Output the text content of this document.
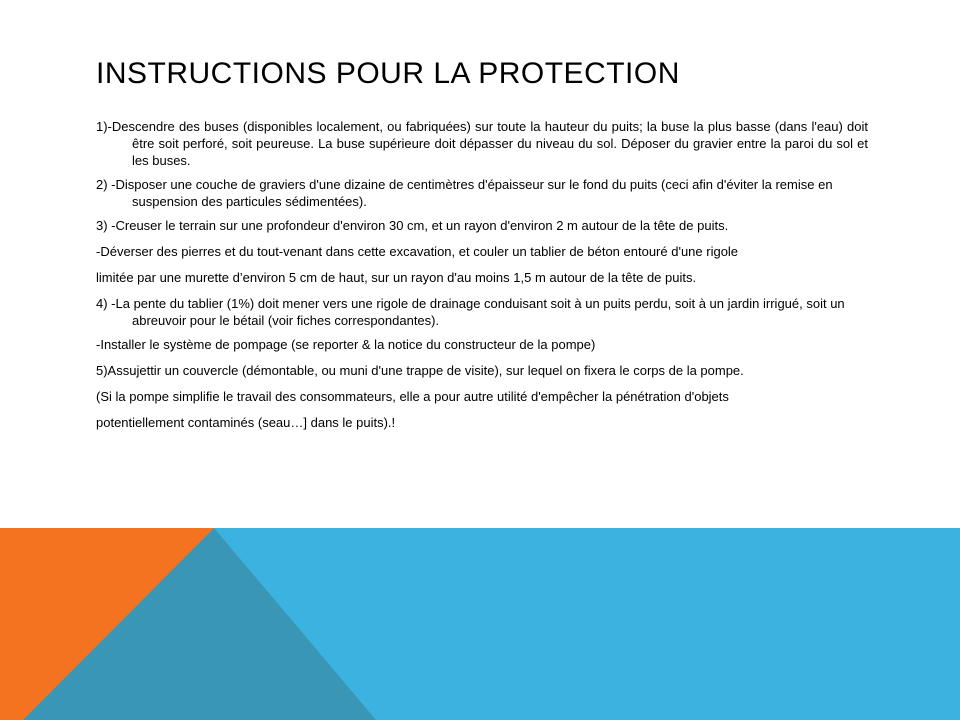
INSTRUCTIONS POUR LA PROTECTION

1)-Descendre des buses (disponibles localement, ou fabriquées) sur toute la hauteur du puits; la buse la plus basse (dans l'eau) doit être soit perforé, soit peureuse. La buse supérieure doit dépasser du niveau du sol. Déposer du gravier entre la paroi du sol et les buses.

2) -Disposer une couche de graviers d'une dizaine de centimètres d'épaisseur sur le fond du puits (ceci afin d'éviter la remise en suspension des particules sédimentées).

3) -Creuser le terrain sur une profondeur d'environ 30 cm, et un rayon d'environ 2 m autour de la tête de puits.

-Déverser des pierres et du tout-venant dans cette excavation, et couler un tablier de béton entouré d'une rigole

limitée par une murette d’environ 5 cm de haut, sur un rayon d'au moins 1,5 m autour de la tête de puits.

4) -La pente du tablier (1%) doit mener vers une rigole de drainage conduisant soit à un puits perdu, soit à un jardin irrigué, soit un abreuvoir pour le bétail (voir fiches correspondantes).

-Installer le système de pompage (se reporter & la notice du constructeur de la pompe)

5)Assujettir un couvercle (démontable, ou muni d'une trappe de visite), sur lequel on fixera le corps de la pompe.

(Si la pompe simplifie le travail des consommateurs, elle a pour autre utilité d'empêcher la pénétration d'objets

potentiellement contaminés (seau…] dans le puits).!
